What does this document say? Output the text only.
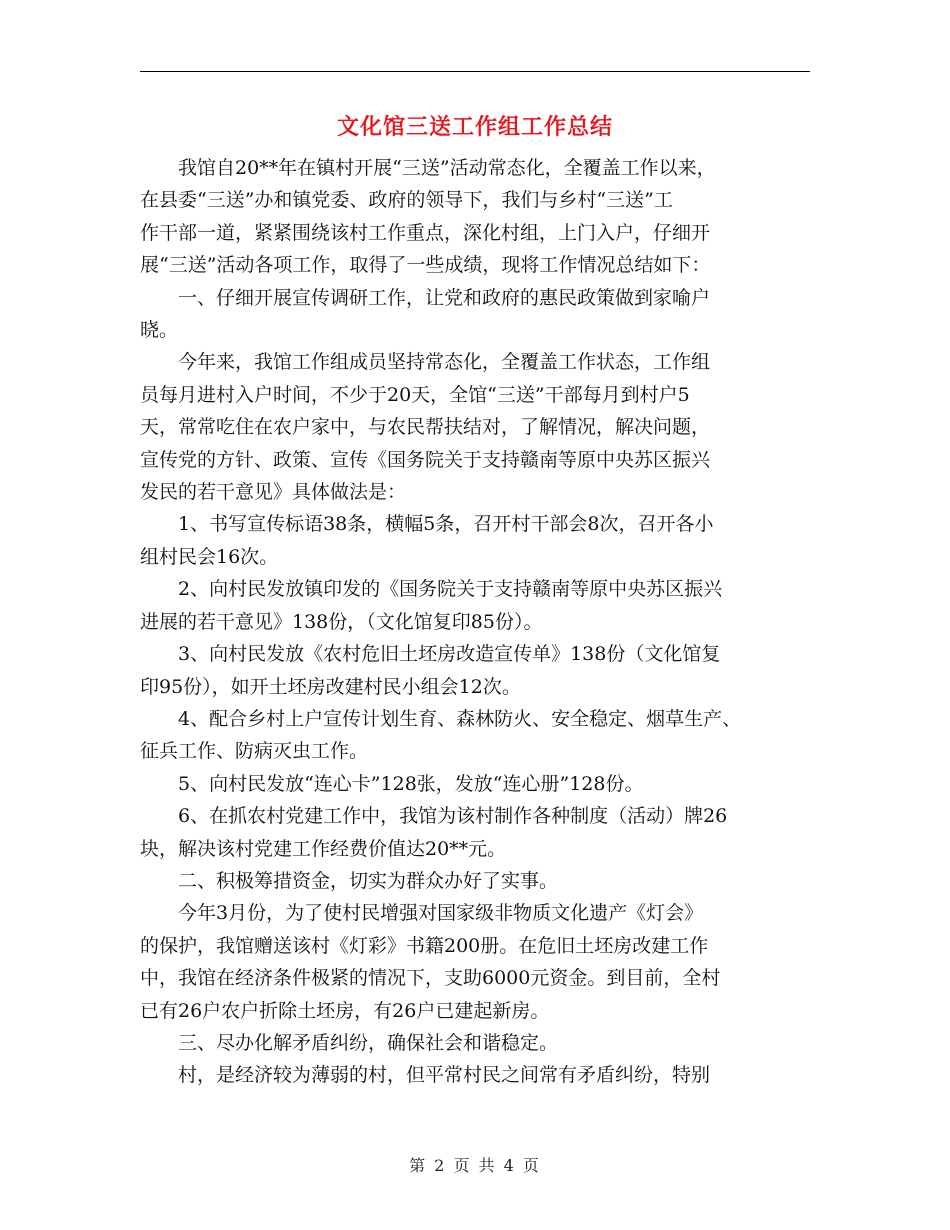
文化馆三送工作组工作总结

我馆自20**年在镇村开展“三送”活动常态化，全覆盖工作以来，
在县委“三送”办和镇党委、政府的领导下，我们与乡村“三送”工
作干部一道，紧紧围绕该村工作重点，深化村组，上门入户，仔细开
展“三送”活动各项工作，取得了一些成绩，现将工作情况总结如下：

一、仔细开展宣传调研工作，让党和政府的惠民政策做到家喻户
晓。

今年来，我馆工作组成员坚持常态化，全覆盖工作状态，工作组
员每月进村入户时间，不少于20天，全馆“三送”干部每月到村户5
天，常常吃住在农户家中，与农民帮扶结对，了解情况，解决问题，
宣传党的方针、政策、宣传《国务院关于支持赣南等原中央苏区振兴
发民的若干意见》具体做法是：

1、书写宣传标语38条，横幅5条，召开村干部会8次，召开各小
组村民会16次。

2、向村民发放镇印发的《国务院关于支持赣南等原中央苏区振兴
进展的若干意见》138份，（文化馆复印85份）。

3、向村民发放《农村危旧土坯房改造宣传单》138份（文化馆复
印95份），如开土坯房改建村民小组会12次。

4、配合乡村上户宣传计划生育、森林防火、安全稳定、烟草生产、
征兵工作、防病灭虫工作。

5、向村民发放“连心卡”128张，发放“连心册”128份。

6、在抓农村党建工作中，我馆为该村制作各种制度（活动）牌26
块，解决该村党建工作经费价值达20**元。

二、积极筹措资金，切实为群众办好了实事。

今年3月份，为了使村民增强对国家级非物质文化遗产《灯会》
的保护，我馆赠送该村《灯彩》书籍200册。在危旧土坯房改建工作
中，我馆在经济条件极紧的情况下，支助6000元资金。到目前，全村
已有26户农户折除土坯房，有26户已建起新房。

三、尽办化解矛盾纠纷，确保社会和谐稳定。

村，是经济较为薄弱的村，但平常村民之间常有矛盾纠纷，特别

第 2 页 共 4 页
